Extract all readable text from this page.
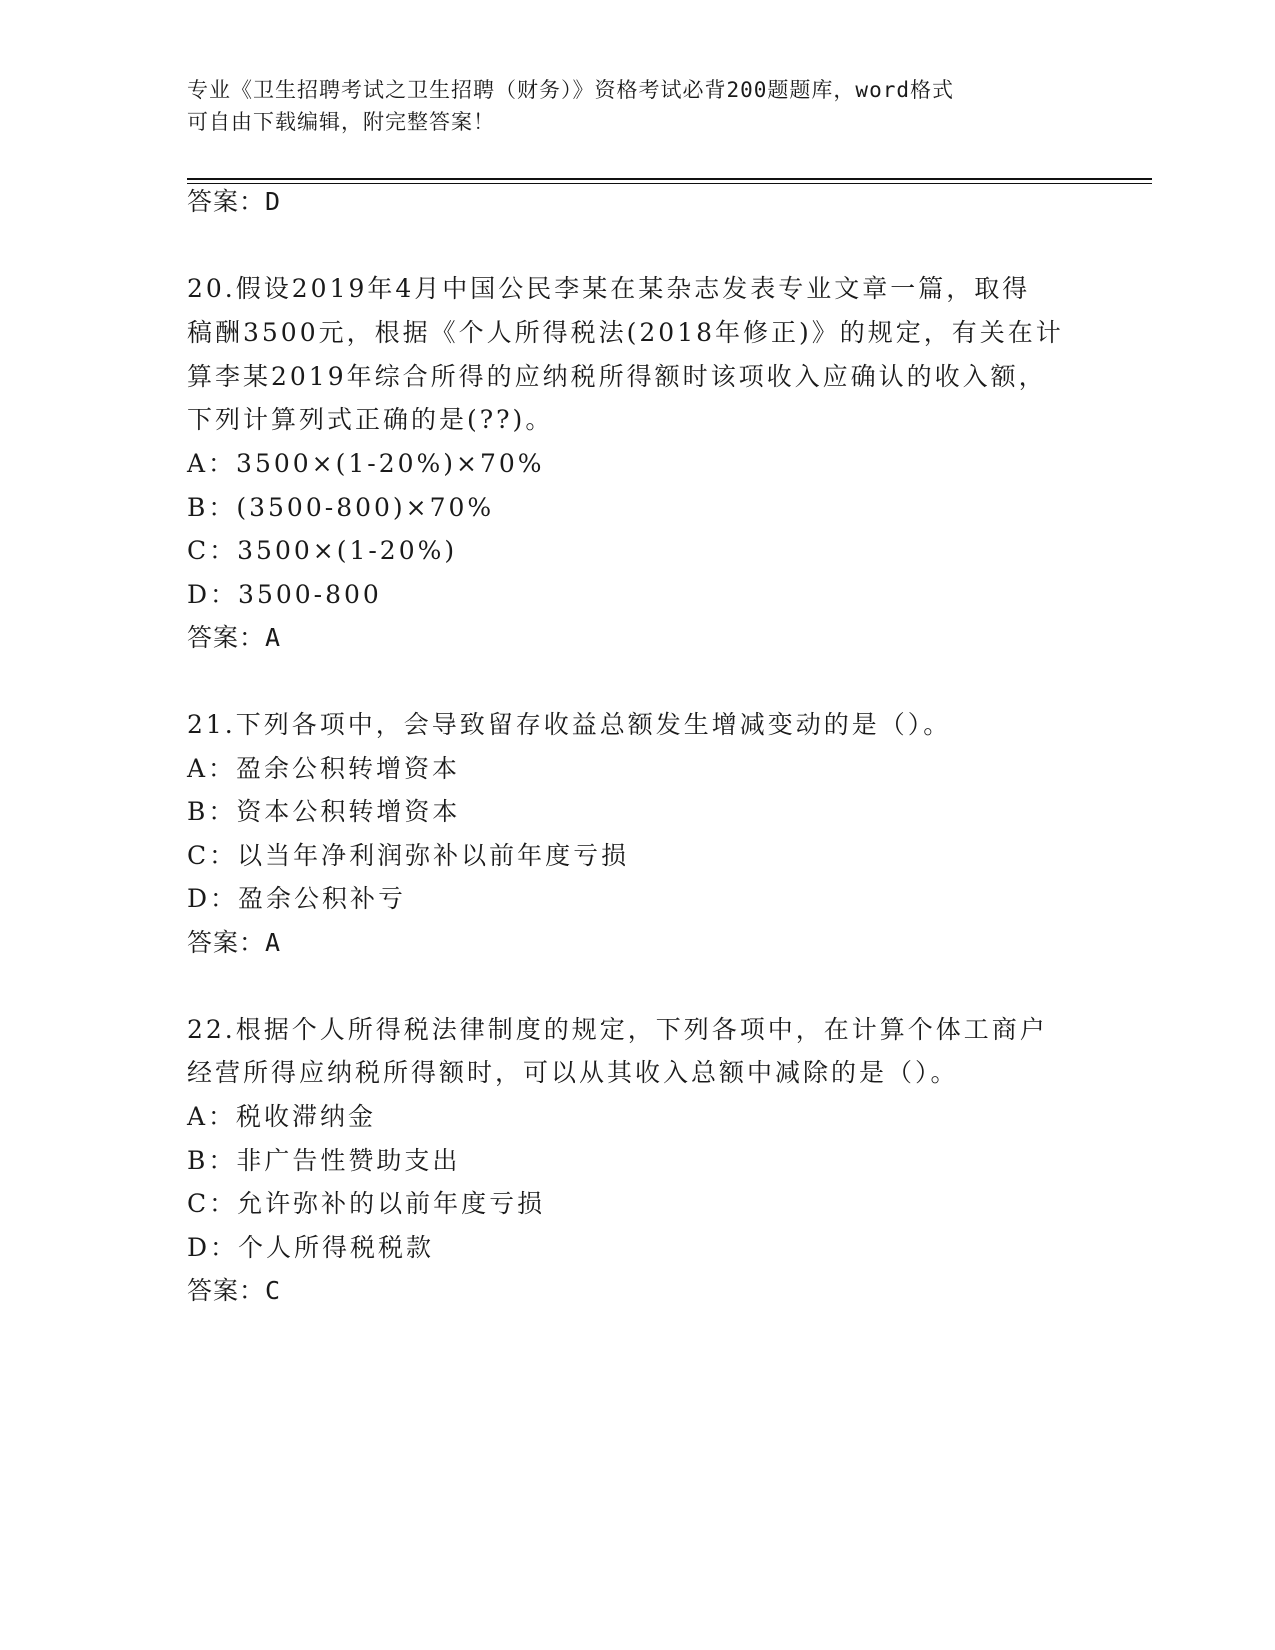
专业《卫生招聘考试之卫生招聘（财务）》资格考试必背200题题库，word格式
可自由下载编辑，附完整答案！
答案：D
20.假设2019年4月中国公民李某在某杂志发表专业文章一篇，取得
稿酬3500元，根据《个人所得税法(2018年修正)》的规定，有关在计
算李某2019年综合所得的应纳税所得额时该项收入应确认的收入额，
下列计算列式正确的是(??)。
A：3500×(1-20%)×70%
B：(3500-800)×70%
C：3500×(1-20%)
D：3500-800
答案：A
21.下列各项中，会导致留存收益总额发生增减变动的是（）。
A：盈余公积转增资本
B：资本公积转增资本
C：以当年净利润弥补以前年度亏损
D：盈余公积补亏
答案：A
22.根据个人所得税法律制度的规定，下列各项中，在计算个体工商户
经营所得应纳税所得额时，可以从其收入总额中减除的是（）。
A：税收滞纳金
B：非广告性赞助支出
C：允许弥补的以前年度亏损
D：个人所得税税款
答案：C
